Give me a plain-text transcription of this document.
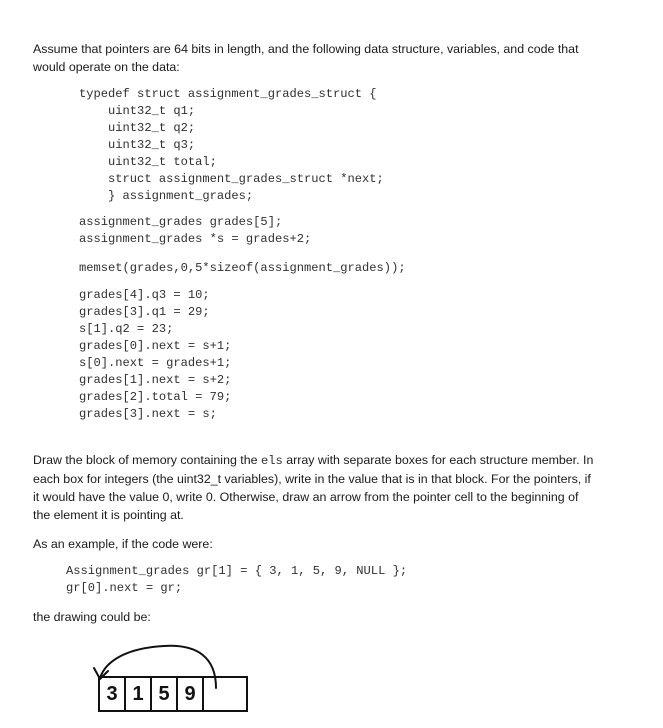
Assume that pointers are 64 bits in length, and the following data structure, variables, and code that
would operate on the data:

typedef struct assignment_grades_struct {
uint32_t q1;
uint32_t q2;
uint32_t q3;
uint32_t total;
struct assignment_grades_struct *next;
} assignment_grades;
assignment_grades grades[5];
assignment_grades *s = grades+2;
memset(grades,0,5*sizeof(assignment_grades));
grades[4].q3 = 10;
grades[3].q1 = 29;
s[1].q2 = 23;
grades[0].next = s+1;
s[0].next = grades+1;
grades[1].next = s+2;
grades[2].total = 79;
grades[3].next = s;

Draw the block of memory containing the els array with separate boxes for each structure member. In
each box for integers (the uint32_t variables), write in the value that is in that block. For the pointers, if
it would have the value 0, write 0. Otherwise, draw an arrow from the pointer cell to the beginning of
the element it is pointing at.

As an example, if the code were:

Assignment_grades gr[1] = { 3, 1, 5, 9, NULL };
gr[0].next = gr;

the drawing could be:

3 1 5 9
